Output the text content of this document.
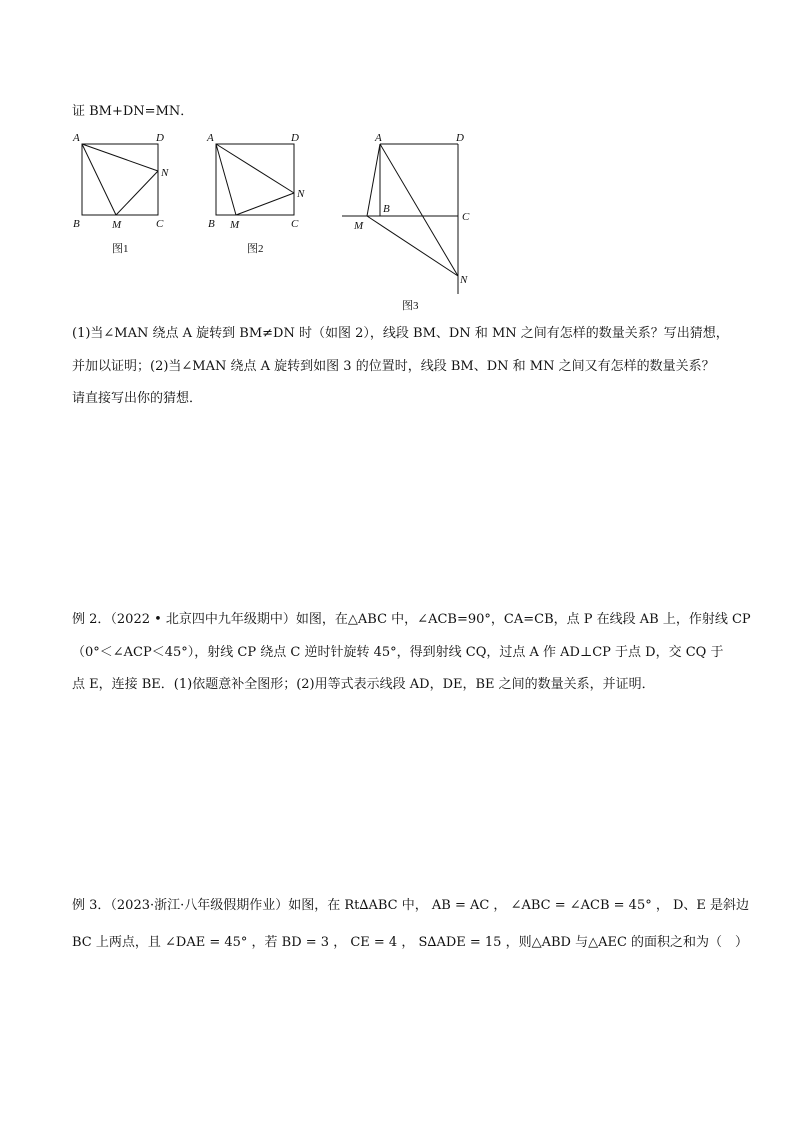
证 BM+DN=MN．
A	D
N
B	M	C
图1
A	D
N
B M	C
图2
A	D
B
C
M
N
图3
(1)当∠MAN 绕点 A 旋转到 BM≠DN 时（如图 2），线段 BM、DN 和 MN 之间有怎样的数量关系？写出猜想，
并加以证明；(2)当∠MAN 绕点 A 旋转到如图 3 的位置时，线段 BM、DN 和 MN 之间又有怎样的数量关系？
请直接写出你的猜想．
例 2．（2022 • 北京四中九年级期中）如图，在△ABC 中，∠ACB=90°，CA=CB，点 P 在线段 AB 上，作射线 CP
（0°＜∠ACP＜45°），射线 CP 绕点 C 逆时针旋转 45°，得到射线 CQ，过点 A 作 AD⊥CP 于点 D，交 CQ 于
点 E，连接 BE．(1)依题意补全图形；(2)用等式表示线段 AD，DE，BE 之间的数量关系，并证明．
例 3．（2023·浙江·八年级假期作业）如图，在 Rt∆ABC 中， AB = AC ， ∠ABC = ∠ACB = 45° ， D、E 是斜边
BC 上两点，且 ∠DAE = 45° ，若 BD = 3 ， CE = 4 ， S∆ADE = 15 ，则△ABD 与△AEC 的面积之和为（　）
